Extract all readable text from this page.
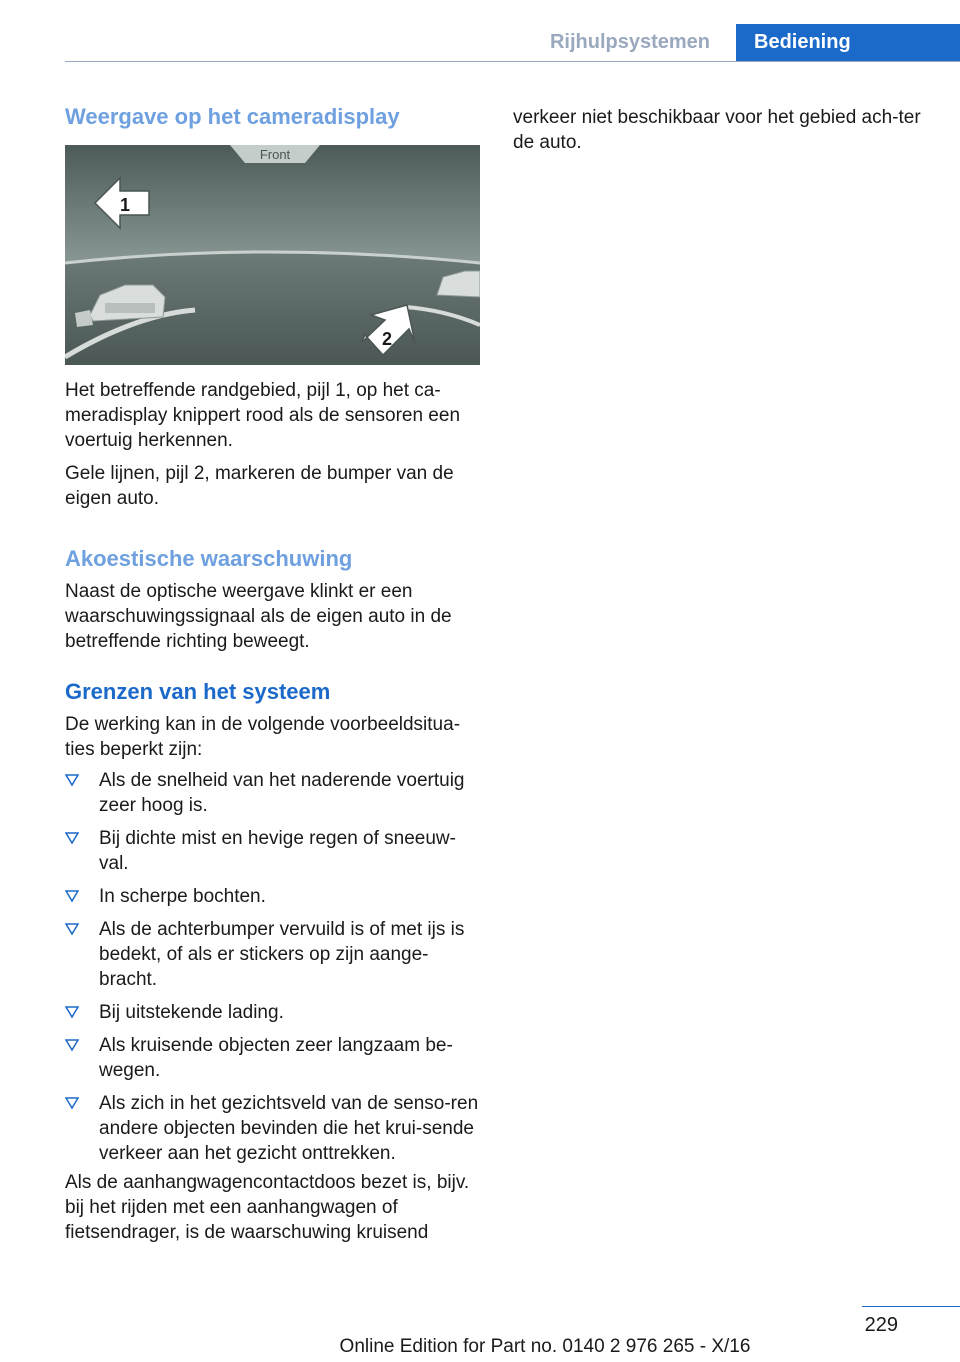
Rijhulpsystemen	Bediening
Weergave op het cameradisplay
Front
1
2

Het betreffende randgebied, pijl 1, op het ca‐meradisplay knippert rood als de sensoren een voertuig herkennen.

Gele lijnen, pijl 2, markeren de bumper van de eigen auto.

Akoestische waarschuwing

Naast de optische weergave klinkt er een waarschuwingssignaal als de eigen auto in de betreffende richting beweegt.

Grenzen van het systeem

De werking kan in de volgende voorbeeldsitua‐ties beperkt zijn:

Als de snelheid van het naderende voertuig zeer hoog is.
Bij dichte mist en hevige regen of sneeuw‐val.
In scherpe bochten.
Als de achterbumper vervuild is of met ijs is bedekt, of als er stickers op zijn aange‐bracht.
Bij uitstekende lading.
Als kruisende objecten zeer langzaam be‐wegen.
Als zich in het gezichtsveld van de senso‐ren andere objecten bevinden die het krui‐sende verkeer aan het gezicht onttrekken.

Als de aanhangwagencontactdoos bezet is, bijv. bij het rijden met een aanhangwagen of fietsendrager, is de waarschuwing kruisend

verkeer niet beschikbaar voor het gebied ach‐ter de auto.

229
Online Edition for Part no. 0140 2 976 265 - X/16
